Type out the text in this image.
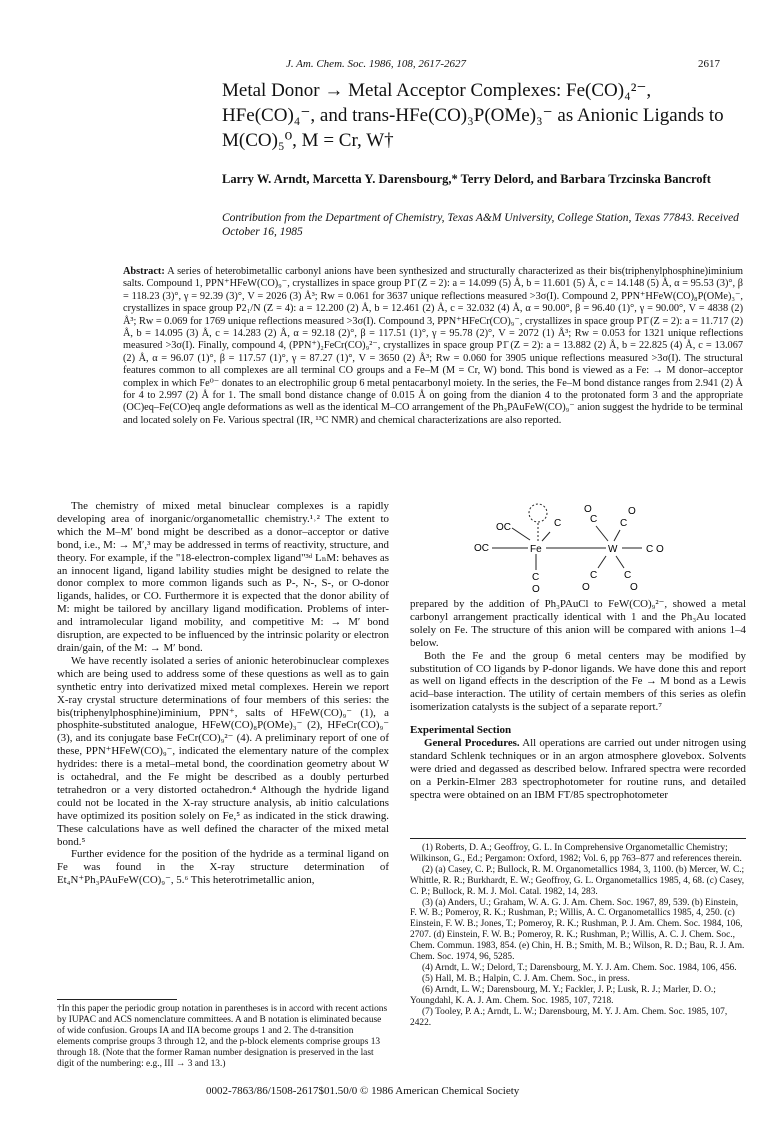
J. Am. Chem. Soc. 1986, 108, 2617-2627	2617
Metal Donor → Metal Acceptor Complexes: Fe(CO)₄²⁻, HFe(CO)₄⁻, and trans-HFe(CO)₃P(OMe)₃⁻ as Anionic Ligands to M(CO)₅⁰, M = Cr, W†
Larry W. Arndt, Marcetta Y. Darensbourg,* Terry Delord, and Barbara Trzcinska Bancroft
Contribution from the Department of Chemistry, Texas A&M University, College Station, Texas 77843. Received October 16, 1985
Abstract: A series of heterobimetallic carbonyl anions have been synthesized and structurally characterized as their bis(triphenylphosphine)iminium salts. Compound 1, PPN⁺HFeW(CO)₉⁻, crystallizes in space group P1̄ (Z = 2): a = 14.099 (5) Å, b = 11.601 (5) Å, c = 14.148 (5) Å, α = 95.53 (3)°, β = 118.23 (3)°, γ = 92.39 (3)°, V = 2026 (3) Å³; Rw = 0.061 for 3637 unique reflections measured >3σ(I). Compound 2, PPN⁺HFeW(CO)₈P(OMe)₃⁻, crystallizes in space group P2₁/N (Z = 4): a = 12.200 (2) Å, b = 12.461 (2) Å, c = 32.032 (4) Å, α = 90.00°, β = 96.40 (1)°, γ = 90.00°, V = 4838 (2) Å³; Rw = 0.069 for 1769 unique reflections measured >3σ(I). Compound 3, PPN⁺HFeCr(CO)₉⁻, crystallizes in space group P1̄ (Z = 2): a = 11.717 (2) Å, b = 14.095 (3) Å, c = 14.283 (2) Å, α = 92.18 (2)°, β = 117.51 (1)°, γ = 95.78 (2)°, V = 2072 (1) Å³; Rw = 0.053 for 1321 unique reflections measured >3σ(I). Finally, compound 4, (PPN⁺)₂FeCr(CO)₉²⁻, crystallizes in space group P1̄ (Z = 2): a = 13.882 (2) Å, b = 22.825 (4) Å, c = 13.067 (2) Å, α = 96.07 (1)°, β = 117.57 (1)°, γ = 87.27 (1)°, V = 3650 (2) Å³; Rw = 0.060 for 3905 unique reflections measured >3σ(I). The structural features common to all complexes are all terminal CO groups and a Fe–M (M = Cr, W) bond. This bond is viewed as a Fe: → M donor–acceptor complex in which Fe⁰⁻ donates to an electrophilic group 6 metal pentacarbonyl moiety. In the series, the Fe–M bond distance ranges from 2.941 (2) Å for 4 to 2.997 (2) Å for 1. The small bond distance change of 0.015 Å on going from the dianion 4 to the protonated form 3 and the appropriate (OC)eq–Fe(CO)eq angle deformations as well as the identical M–CO arrangement of the Ph₃PAuFeW(CO)₉⁻ anion suggest the hydride to be terminal and located solely on Fe. Various spectral (IR, ¹³C NMR) and chemical characterizations are also reported.

The chemistry of mixed metal binuclear complexes is a rapidly developing area of inorganic/organometallic chemistry.¹˒² The extent to which the M–M′ bond might be described as a donor–acceptor or dative bond, i.e., M: → M′,³ may be addressed in terms of reactivity, structure, and theory. For example, if the "18-electron-complex ligand"³ᵈ LₙM: behaves as an innocent ligand, ligand lability studies might be designed to relate the donor complex to more common ligands such as P-, N-, S-, or O-donor ligands, halides, or CO. Furthermore it is expected that the donor ability of M: might be tailored by ancillary ligand modification. Problems of inter- and intramolecular ligand mobility, and competitive M: → M′ bond disruption, are expected to be influenced by the intrinsic polarity or electron drain/gain, of the M: → M′ bond.

We have recently isolated a series of anionic heterobinuclear complexes which are being used to address some of these questions as well as to gain synthetic entry into derivatized mixed metal complexes. Herein we report X-ray crystal structure determinations of four members of this series: the bis(triphenylphosphine)iminium, PPN⁺, salts of HFeW(CO)₉⁻ (1), a phosphite-substituted analogue, HFeW(CO)₈P(OMe)₃⁻ (2), HFeCr(CO)₉⁻ (3), and its conjugate base FeCr(CO)₉²⁻ (4). A preliminary report of one of these, PPN⁺HFeW(CO)₉⁻, indicated the elementary nature of the complex hydrides: there is a metal–metal bond, the coordination geometry about W is octahedral, and the Fe might be described as a doubly perturbed tetrahedron or a very distorted octahedron.⁴ Although the hydride ligand could not be located in the X-ray structure analysis, ab initio calculations have optimized its position solely on Fe,⁵ as indicated in the stick drawing. These calculations have as well defined the character of the mixed metal bond.⁵

Further evidence for the position of the hydride as a terminal ligand on Fe was found in the X-ray structure determination of Et₄N⁺Ph₃PAuFeW(CO)₉⁻, 5.⁶ This heterotrimetallic anion,

†In this paper the periodic group notation in parentheses is in accord with recent actions by IUPAC and ACS nomenclature committees. A and B notation is eliminated because of wide confusion. Groups IA and IIA become groups 1 and 2. The d-transition elements comprise groups 3 through 12, and the p-block elements comprise groups 13 through 18. (Note that the former Raman number designation is preserved in the last digit of the numbering: e.g., III → 3 and 13.)
OC	C
OC	Fe	W	C O
C
O
C
O
C
O
C
O
C
O

prepared by the addition of Ph₃PAuCl to FeW(CO)₉²⁻, showed a metal carbonyl arrangement practically identical with 1 and the Ph₃Au located solely on Fe. The structure of this anion will be compared with anions 1–4 below.

Both the Fe and the group 6 metal centers may be modified by substitution of CO ligands by P-donor ligands. We have done this and report as well on ligand effects in the description of the Fe → M bond as a Lewis acid–base interaction. The utility of certain members of this series as olefin isomerization catalysts is the subject of a separate report.⁷

Experimental Section

General Procedures. All operations are carried out under nitrogen using standard Schlenk techniques or in an argon atmosphere glovebox. Solvents were dried and degassed as described below. Infrared spectra were recorded on a Perkin-Elmer 283 spectrophotometer for routine runs, and detailed spectra were obtained on an IBM FT/85 spectrophotometer

(1) Roberts, D. A.; Geoffroy, G. L. In Comprehensive Organometallic Chemistry; Wilkinson, G., Ed.; Pergamon: Oxford, 1982; Vol. 6, pp 763–877 and references therein.
(2) (a) Casey, C. P.; Bullock, R. M. Organometallics 1984, 3, 1100. (b) Mercer, W. C.; Whittle, R. R.; Burkhardt, E. W.; Geoffroy, G. L. Organometallics 1985, 4, 68. (c) Casey, C. P.; Bullock, R. M. J. Mol. Catal. 1982, 14, 283.
(3) (a) Anders, U.; Graham, W. A. G. J. Am. Chem. Soc. 1967, 89, 539. (b) Einstein, F. W. B.; Pomeroy, R. K.; Rushman, P.; Willis, A. C. Organometallics 1985, 4, 250. (c) Einstein, F. W. B.; Jones, T.; Pomeroy, R. K.; Rushman, P. J. Am. Chem. Soc. 1984, 106, 2707. (d) Einstein, F. W. B.; Pomeroy, R. K.; Rushman, P.; Willis, A. C. J. Chem. Soc., Chem. Commun. 1983, 854. (e) Chin, H. B.; Smith, M. B.; Wilson, R. D.; Bau, R. J. Am. Chem. Soc. 1974, 96, 5285.
(4) Arndt, L. W.; Delord, T.; Darensbourg, M. Y. J. Am. Chem. Soc. 1984, 106, 456.
(5) Hall, M. B.; Halpin, C. J. Am. Chem. Soc., in press.
(6) Arndt, L. W.; Darensbourg, M. Y.; Fackler, J. P.; Lusk, R. J.; Marler, D. O.; Youngdahl, K. A. J. Am. Chem. Soc. 1985, 107, 7218.
(7) Tooley, P. A.; Arndt, L. W.; Darensbourg, M. Y. J. Am. Chem. Soc. 1985, 107, 2422.
0002-7863/86/1508-2617$01.50/0 © 1986 American Chemical Society
